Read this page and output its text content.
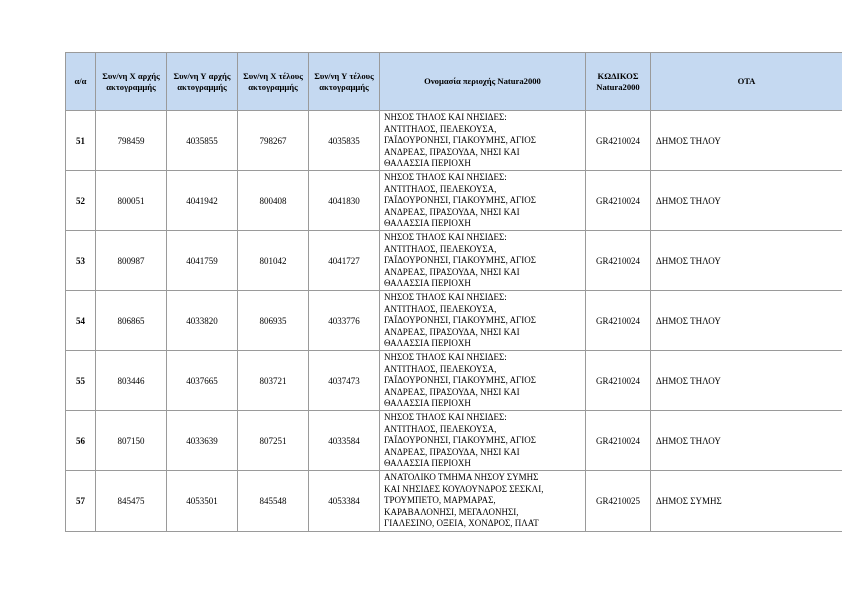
α/α	Συν/νη Χ αρχής ακτογραμμής	Συν/νη Υ αρχής ακτογραμμής	Συν/νη Χ τέλους ακτογραμμής	Συν/νη Υ τέλους ακτογραμμής	Ονομασία περιοχής Natura2000	ΚΩΔΙΚΟΣ Natura2000	ΟΤΑ
51	798459	4035855	798267	4035835	ΝΗΣΟΣ ΤΗΛΟΣ ΚΑΙ ΝΗΣΙΔΕΣ:
ΑΝΤΙΤΗΛΟΣ, ΠΕΛΕΚΟΥΣΑ,
ΓΑΪΔΟΥΡΟΝΗΣΙ, ΓΙΑΚΟΥΜΗΣ, ΑΓΙΟΣ
ΑΝΔΡΕΑΣ, ΠΡΑΣΟΥΔΑ, ΝΗΣΙ ΚΑΙ
ΘΑΛΑΣΣΙΑ ΠΕΡΙΟΧΗ	GR4210024	ΔΗΜΟΣ ΤΗΛΟΥ
52	800051	4041942	800408	4041830	ΝΗΣΟΣ ΤΗΛΟΣ ΚΑΙ ΝΗΣΙΔΕΣ:
ΑΝΤΙΤΗΛΟΣ, ΠΕΛΕΚΟΥΣΑ,
ΓΑΪΔΟΥΡΟΝΗΣΙ, ΓΙΑΚΟΥΜΗΣ, ΑΓΙΟΣ
ΑΝΔΡΕΑΣ, ΠΡΑΣΟΥΔΑ, ΝΗΣΙ ΚΑΙ
ΘΑΛΑΣΣΙΑ ΠΕΡΙΟΧΗ	GR4210024	ΔΗΜΟΣ ΤΗΛΟΥ
53	800987	4041759	801042	4041727	ΝΗΣΟΣ ΤΗΛΟΣ ΚΑΙ ΝΗΣΙΔΕΣ:
ΑΝΤΙΤΗΛΟΣ, ΠΕΛΕΚΟΥΣΑ,
ΓΑΪΔΟΥΡΟΝΗΣΙ, ΓΙΑΚΟΥΜΗΣ, ΑΓΙΟΣ
ΑΝΔΡΕΑΣ, ΠΡΑΣΟΥΔΑ, ΝΗΣΙ ΚΑΙ
ΘΑΛΑΣΣΙΑ ΠΕΡΙΟΧΗ	GR4210024	ΔΗΜΟΣ ΤΗΛΟΥ
54	806865	4033820	806935	4033776	ΝΗΣΟΣ ΤΗΛΟΣ ΚΑΙ ΝΗΣΙΔΕΣ:
ΑΝΤΙΤΗΛΟΣ, ΠΕΛΕΚΟΥΣΑ,
ΓΑΪΔΟΥΡΟΝΗΣΙ, ΓΙΑΚΟΥΜΗΣ, ΑΓΙΟΣ
ΑΝΔΡΕΑΣ, ΠΡΑΣΟΥΔΑ, ΝΗΣΙ ΚΑΙ
ΘΑΛΑΣΣΙΑ ΠΕΡΙΟΧΗ	GR4210024	ΔΗΜΟΣ ΤΗΛΟΥ
55	803446	4037665	803721	4037473	ΝΗΣΟΣ ΤΗΛΟΣ ΚΑΙ ΝΗΣΙΔΕΣ:
ΑΝΤΙΤΗΛΟΣ, ΠΕΛΕΚΟΥΣΑ,
ΓΑΪΔΟΥΡΟΝΗΣΙ, ΓΙΑΚΟΥΜΗΣ, ΑΓΙΟΣ
ΑΝΔΡΕΑΣ, ΠΡΑΣΟΥΔΑ, ΝΗΣΙ ΚΑΙ
ΘΑΛΑΣΣΙΑ ΠΕΡΙΟΧΗ	GR4210024	ΔΗΜΟΣ ΤΗΛΟΥ
56	807150	4033639	807251	4033584	ΝΗΣΟΣ ΤΗΛΟΣ ΚΑΙ ΝΗΣΙΔΕΣ:
ΑΝΤΙΤΗΛΟΣ, ΠΕΛΕΚΟΥΣΑ,
ΓΑΪΔΟΥΡΟΝΗΣΙ, ΓΙΑΚΟΥΜΗΣ, ΑΓΙΟΣ
ΑΝΔΡΕΑΣ, ΠΡΑΣΟΥΔΑ, ΝΗΣΙ ΚΑΙ
ΘΑΛΑΣΣΙΑ ΠΕΡΙΟΧΗ	GR4210024	ΔΗΜΟΣ ΤΗΛΟΥ
57	845475	4053501	845548	4053384	ΑΝΑΤΟΛΙΚΟ ΤΜΗΜΑ ΝΗΣΟΥ ΣΥΜΗΣ
ΚΑΙ ΝΗΣΙΔΕΣ ΚΟΥΛΟΥΝΔΡΟΣ ΣΕΣΚΛΙ,
ΤΡΟΥΜΠΕΤΟ, ΜΑΡΜΑΡΑΣ,
ΚΑΡΑΒΑΛΟΝΗΣΙ, ΜΕΓΑΛΟΝΗΣΙ,
ΓΙΑΛΕΣΙΝΟ, ΟΞΕΙΑ, ΧΟΝΔΡΟΣ, ΠΛΑΤ	GR4210025	ΔΗΜΟΣ ΣΥΜΗΣ
